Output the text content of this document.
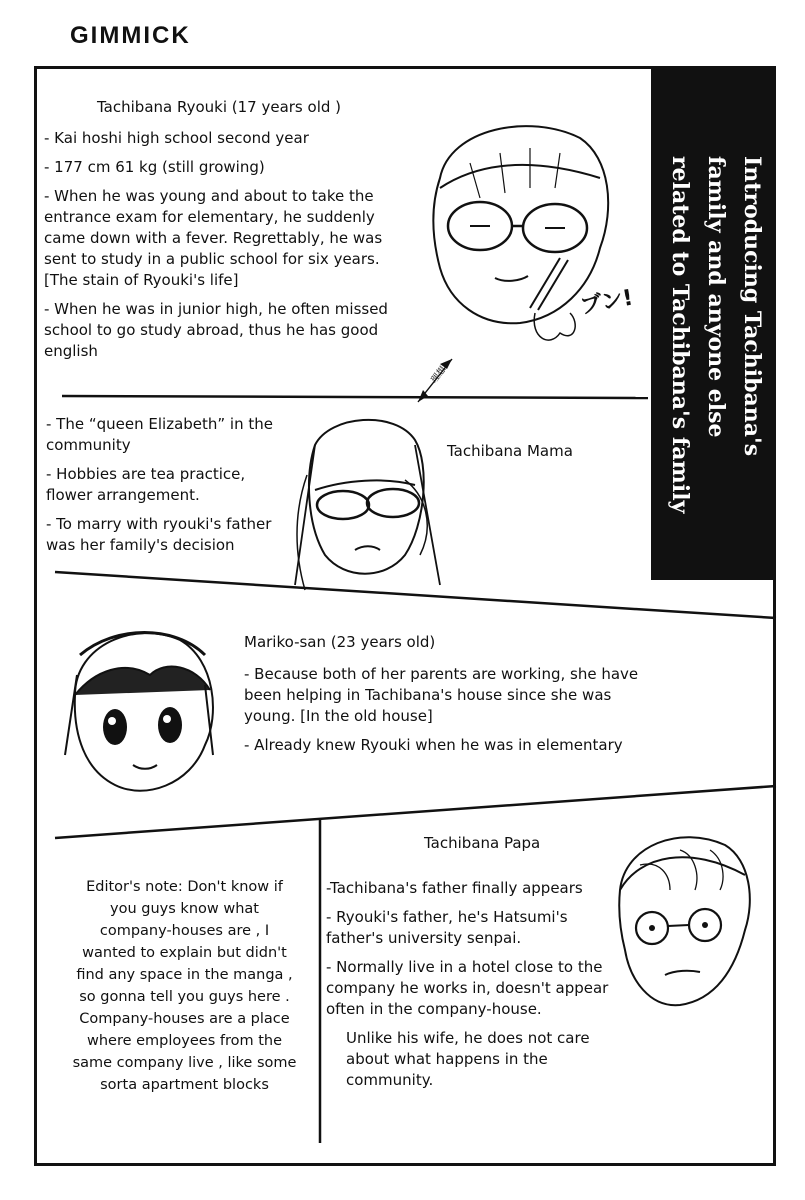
GIMMICK
理想	Introducing Tachibana's
family and anyone else
related to Tachibana's family
Tachibana Ryouki (17 years old )

- Kai hoshi high school second year

- 177 cm 61 kg (still growing)

- When he was young and about to take the entrance exam for elementary, he suddenly came down with a fever. Regrettably, he was sent to study in a public school for six years. [The stain of Ryouki's life]

- When he was in junior high, he often missed school to go study abroad, thus he has good english

ブン!

- The “queen Elizabeth” in the community

- Hobbies are tea practice, flower arrangement.

- To marry with ryouki's father was her family's decision

Tachibana Mama
Mariko-san (23 years old)

- Because both of her parents are working, she have been helping in Tachibana's house since she was young. [In the old house]

- Already knew Ryouki when he was in elementary

Editor's note: Don't know if you guys know what company-houses are , I wanted to explain but didn't find any space in the manga , so gonna tell you guys here . Company-houses are a place where employees from the same company live , like some sorta apartment blocks
Tachibana Papa

-Tachibana's father finally appears

- Ryouki's father, he's Hatsumi's father's university senpai.

- Normally live in a hotel close to the company he works in, doesn't appear often in the company-house.

Unlike his wife, he does not care about what happens in the community.
